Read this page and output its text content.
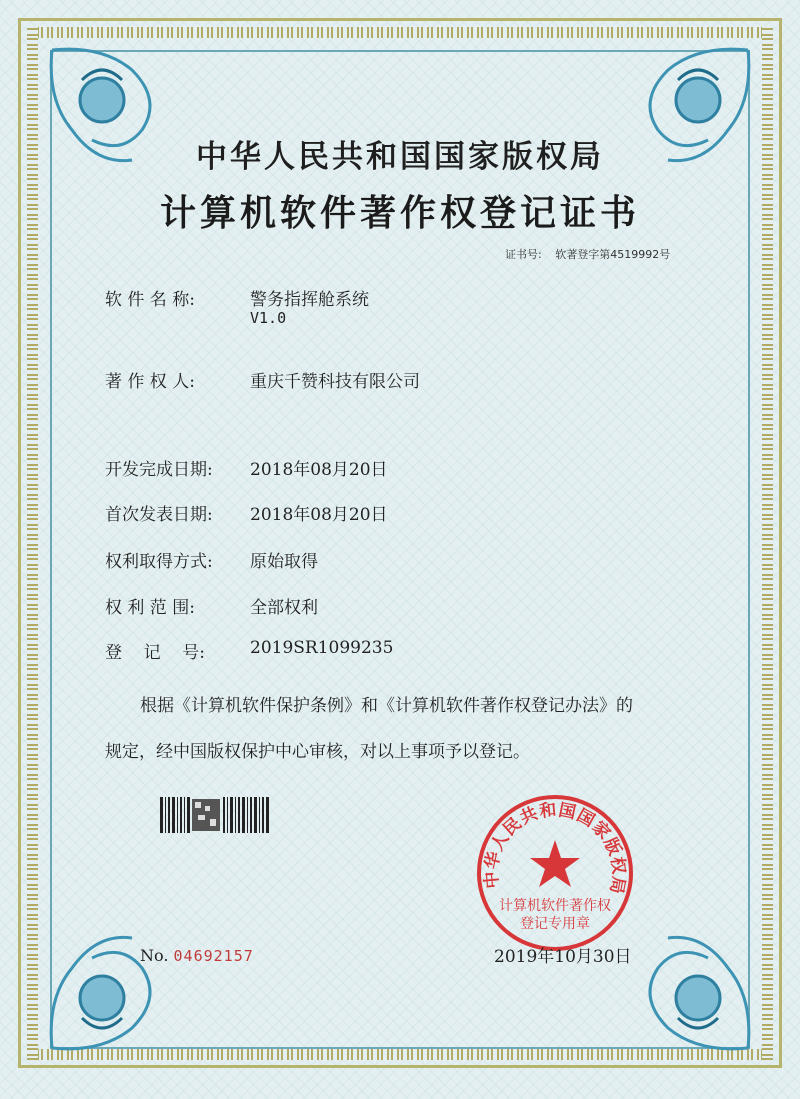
中华人民共和国国家版权局
计算机软件著作权登记证书
证书号: 软著登字第4519992号
软 件 名 称:	警务指挥舱系统
V1.0
著 作 权 人:	重庆千赞科技有限公司
开发完成日期: 2018年08月20日
首次发表日期: 2018年08月20日
权利取得方式: 原始取得
权 利 范 围:	全部权利
登    记    号:	2019SR1099235
根据《计算机软件保护条例》和《计算机软件著作权登记办法》的
规定，经中国版权保护中心审核，对以上事项予以登记。
中华人民共和国国家版权局
计算机软件著作权
登记专用章
No. 04692157	2019年10月30日
